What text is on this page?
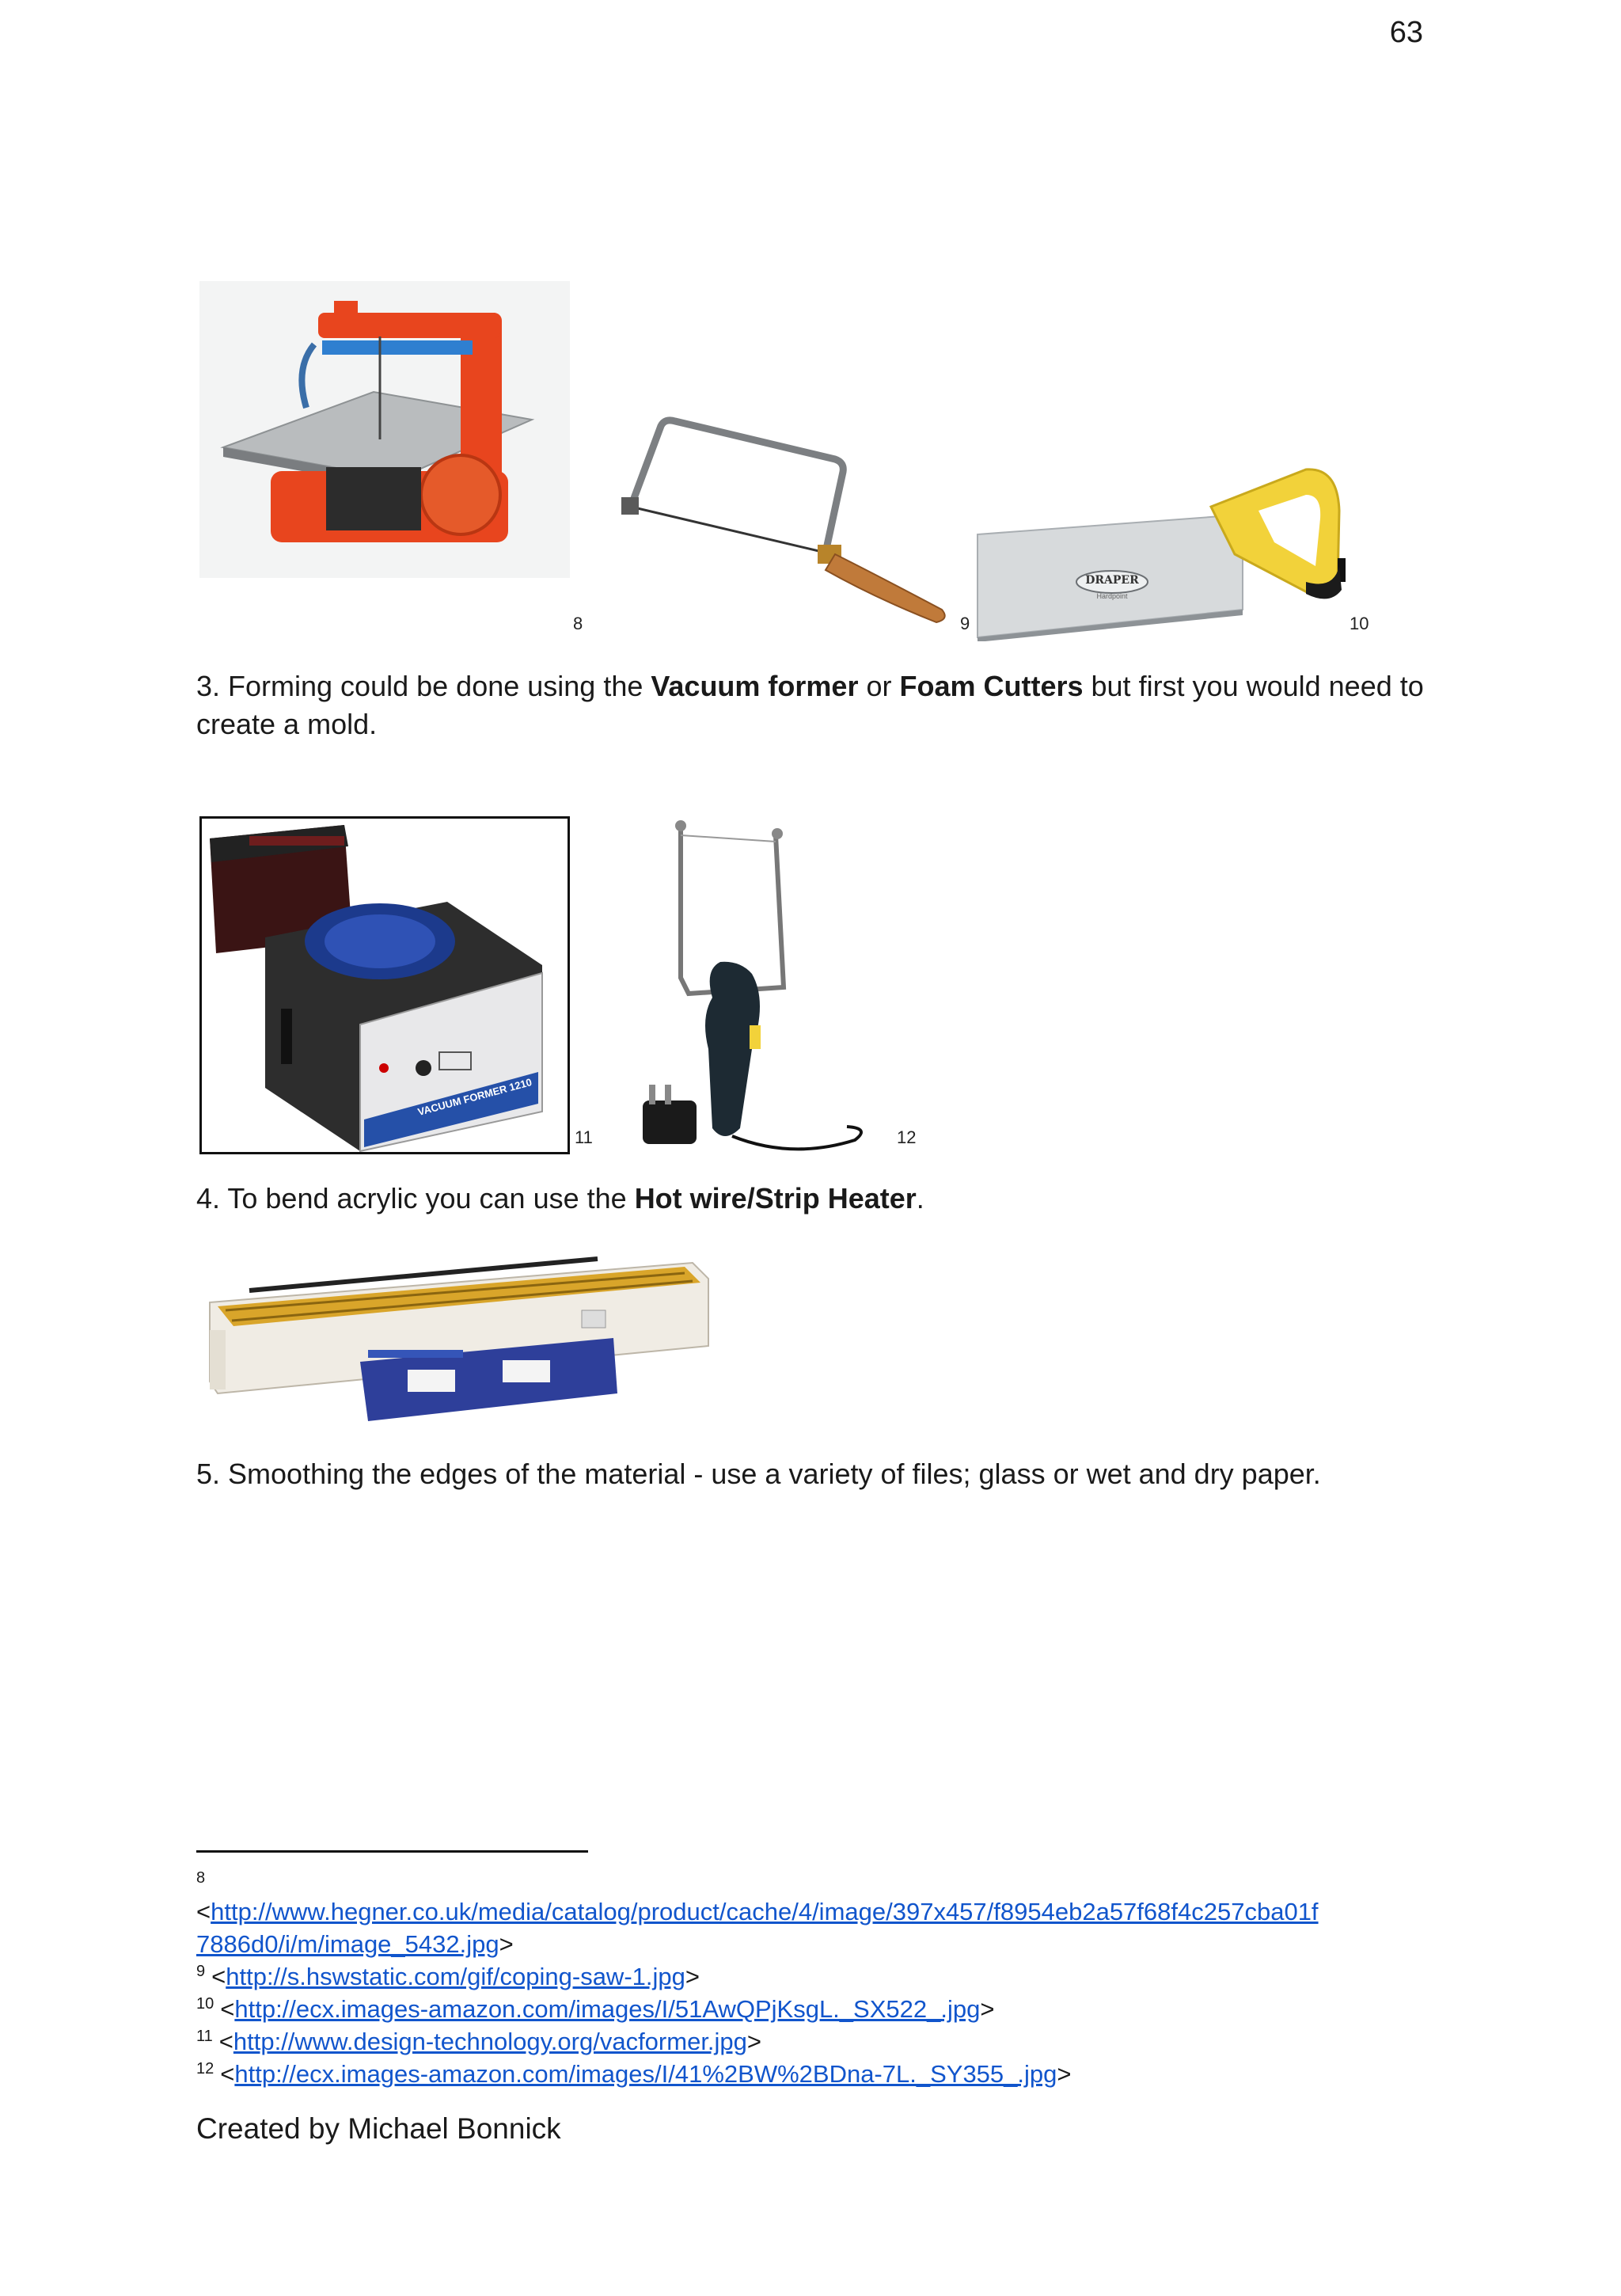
63
DRAPER
Hardpoint
8	9	10
3. Forming could be done using the Vacuum former or Foam Cutters but first you would need to create a mold.
VACUUM FORMER 1210
11	12
4. To bend acrylic you can use the Hot wire/Strip Heater.
5. Smoothing the edges of the material - use a variety of files; glass or wet and dry paper.
8
<http://www.hegner.co.uk/media/catalog/product/cache/4/image/397x457/f8954eb2a57f68f4c257cba01f
7886d0/i/m/image_5432.jpg>
$^9$ <http://s.hswstatic.com/gif/coping-saw-1.jpg>
$^{10}$ <http://ecx.images-amazon.com/images/I/51AwQPjKsgL._SX522_.jpg>
$^{11}$ <http://www.design-technology.org/vacformer.jpg>
$^{12}$ <http://ecx.images-amazon.com/images/I/41%2BW%2BDna-7L._SY355_.jpg>
Created by Michael Bonnick
